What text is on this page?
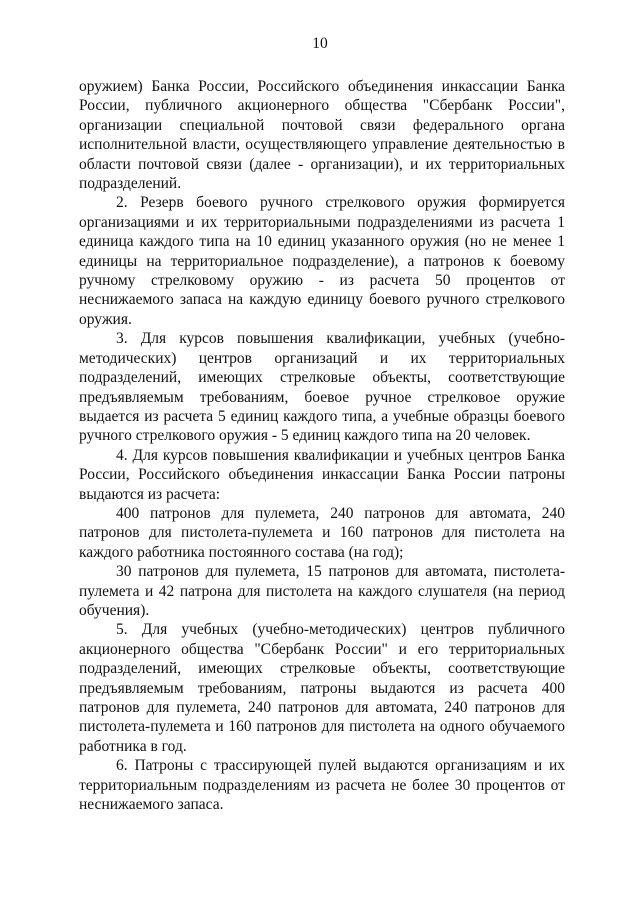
10

оружием) Банка России, Российского объединения инкассации Банка России, публичного акционерного общества "Сбербанк России", организации специальной почтовой связи федерального органа исполнительной власти, осуществляющего управление деятельностью в области почтовой связи (далее - организации), и их территориальных подразделений.

2. Резерв боевого ручного стрелкового оружия формируется организациями и их территориальными подразделениями из расчета 1 единица каждого типа на 10 единиц указанного оружия (но не менее 1 единицы на территориальное подразделение), а патронов к боевому ручному стрелковому оружию - из расчета 50 процентов от неснижаемого запаса на каждую единицу боевого ручного стрелкового оружия.

3. Для курсов повышения квалификации, учебных (учебно-методических) центров организаций и их территориальных подразделений, имеющих стрелковые объекты, соответствующие предъявляемым требованиям, боевое ручное стрелковое оружие выдается из расчета 5 единиц каждого типа, а учебные образцы боевого ручного стрелкового оружия - 5 единиц каждого типа на 20 человек.

4. Для курсов повышения квалификации и учебных центров Банка России, Российского объединения инкассации Банка России патроны выдаются из расчета:

400 патронов для пулемета, 240 патронов для автомата, 240 патронов для пистолета-пулемета и 160 патронов для пистолета на каждого работника постоянного состава (на год);

30 патронов для пулемета, 15 патронов для автомата, пистолета-пулемета и 42 патрона для пистолета на каждого слушателя (на период обучения).

5. Для учебных (учебно-методических) центров публичного акционерного общества "Сбербанк России" и его территориальных подразделений, имеющих стрелковые объекты, соответствующие предъявляемым требованиям, патроны выдаются из расчета 400 патронов для пулемета, 240 патронов для автомата, 240 патронов для пистолета-пулемета и 160 патронов для пистолета на одного обучаемого работника в год.

6. Патроны с трассирующей пулей выдаются организациям и их территориальным подразделениям из расчета не более 30 процентов от неснижаемого запаса.
